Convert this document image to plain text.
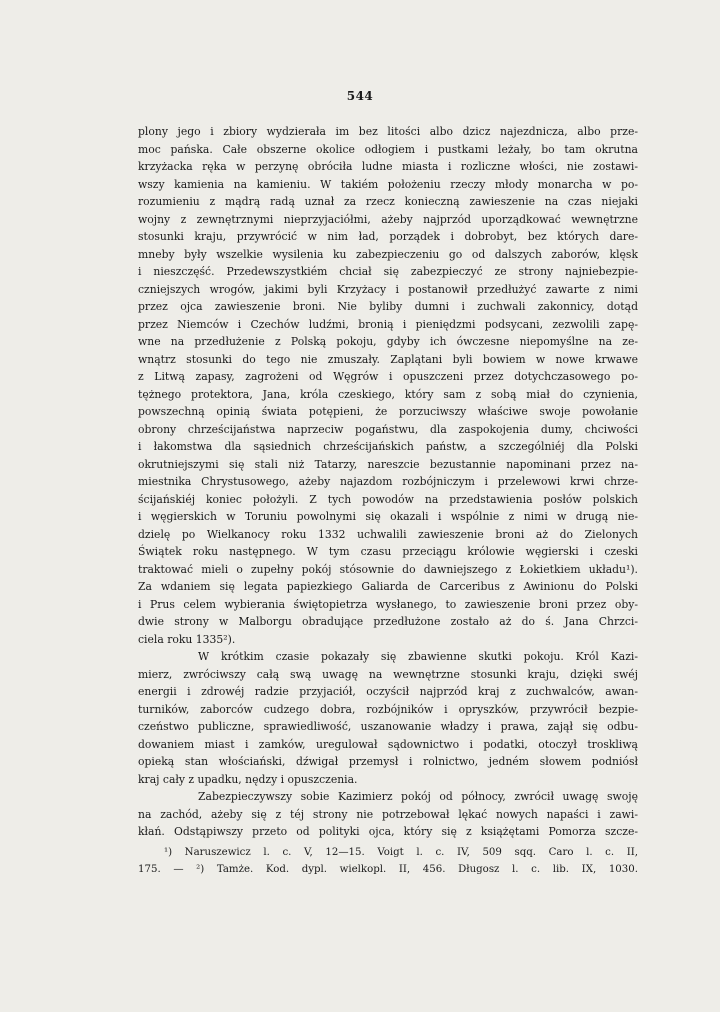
544
plony jego i zbiory wydzierała im bez litości albo dzicz najezdnicza, albo prze-
moc pańska. Całe obszerne okolice odłogiem i pustkami leżały, bo tam okrutna
krzyżacka ręka w perzynę obróciła ludne miasta i rozliczne włości, nie zostawi-
wszy kamienia na kamieniu. W takiém położeniu rzeczy młody monarcha w po-
rozumieniu z mądrą radą uznał za rzecz konieczną zawieszenie na czas niejaki
wojny z zewnętrznymi nieprzyjaciółmi, ażeby najprzód uporządkować wewnętrzne
stosunki kraju, przywrócić w nim ład, porządek i dobrobyt, bez których dare-
mneby były wszelkie wysilenia ku zabezpieczeniu go od dalszych zaborów, klęsk
i nieszczęść. Przedewszystkiém chciał się zabezpieczyć ze strony najniebezpie-
czniejszych wrogów, jakimi byli Krzyżacy i postanowił przedłużyć zawarte z nimi
przez ojca zawieszenie broni. Nie byliby dumni i zuchwali zakonnicy, dotąd
przez Niemców i Czechów ludźmi, bronią i pieniędzmi podsycani, zezwolili zapę-
wne na przedłużenie z Polską pokoju, gdyby ich ówczesne niepomyślne na ze-
wnątrz stosunki do tego nie zmuszały. Zaplątani byli bowiem w nowe krwawe
z Litwą zapasy, zagrożeni od Węgrów i opuszczeni przez dotychczasowego po-
tężnego protektora, Jana, króla czeskiego, który sam z sobą miał do czynienia,
powszechną opinią świata potępieni, że porzuciwszy właściwe swoje powołanie
obrony chrześcijaństwa naprzeciw pogaństwu, dla zaspokojenia dumy, chciwości
i łakomstwa dla sąsiednich chrześcijańskich państw, a szczególniéj dla Polski
okrutniejszymi się stali niż Tatarzy, nareszcie bezustannie napominani przez na-
miestnika Chrystusowego, ażeby najazdom rozbójniczym i przelewowi krwi chrze-
ścijańskiéj koniec położyli. Z tych powodów na przedstawienia posłów polskich
i węgierskich w Toruniu powolnymi się okazali i wspólnie z nimi w drugą nie-
dzielę po Wielkanocy roku 1332 uchwalili zawieszenie broni aż do Zielonych
Świątek roku następnego. W tym czasu przeciągu królowie węgierski i czeski
traktować mieli o zupełny pokój stósownie do dawniejszego z Łokietkiem układu¹).
Za wdaniem się legata papiezkiego Galiarda de Carceribus z Awinionu do Polski
i Prus celem wybierania świętopietrza wysłanego, to zawieszenie broni przez oby-
dwie strony w Malborgu obradujące przedłużone zostało aż do ś. Jana Chrzci-
ciela roku 1335²).
W krótkim czasie pokazały się zbawienne skutki pokoju. Król Kazi-
mierz, zwróciwszy całą swą uwagę na wewnętrzne stosunki kraju, dzięki swéj
energii i zdrowéj radzie przyjaciół, oczyścił najprzód kraj z zuchwalców, awan-
turników, zaborców cudzego dobra, rozbójników i opryszków, przywrócił bezpie-
czeństwo publiczne, sprawiedliwość, uszanowanie władzy i prawa, zajął się odbu-
dowaniem miast i zamków, uregulował sądownictwo i podatki, otoczył troskliwą
opieką stan włościański, dźwigał przemysł i rolnictwo, jedném słowem podniósł
kraj cały z upadku, nędzy i opuszczenia.
Zabezpieczywszy sobie Kazimierz pokój od północy, zwrócił uwagę swoję
na zachód, ażeby się z téj strony nie potrzebował lękać nowych napaści i zawi-
kłań. Odstąpiwszy przeto od polityki ojca, który się z książętami Pomorza szcze-
¹) Naruszewicz l. c. V, 12—15. Voigt l. c. IV, 509 sqq. Caro l. c. II,
175. — ²) Tamże. Kod. dypl. wielkopl. II, 456. Długosz l. c. lib. IX, 1030.
